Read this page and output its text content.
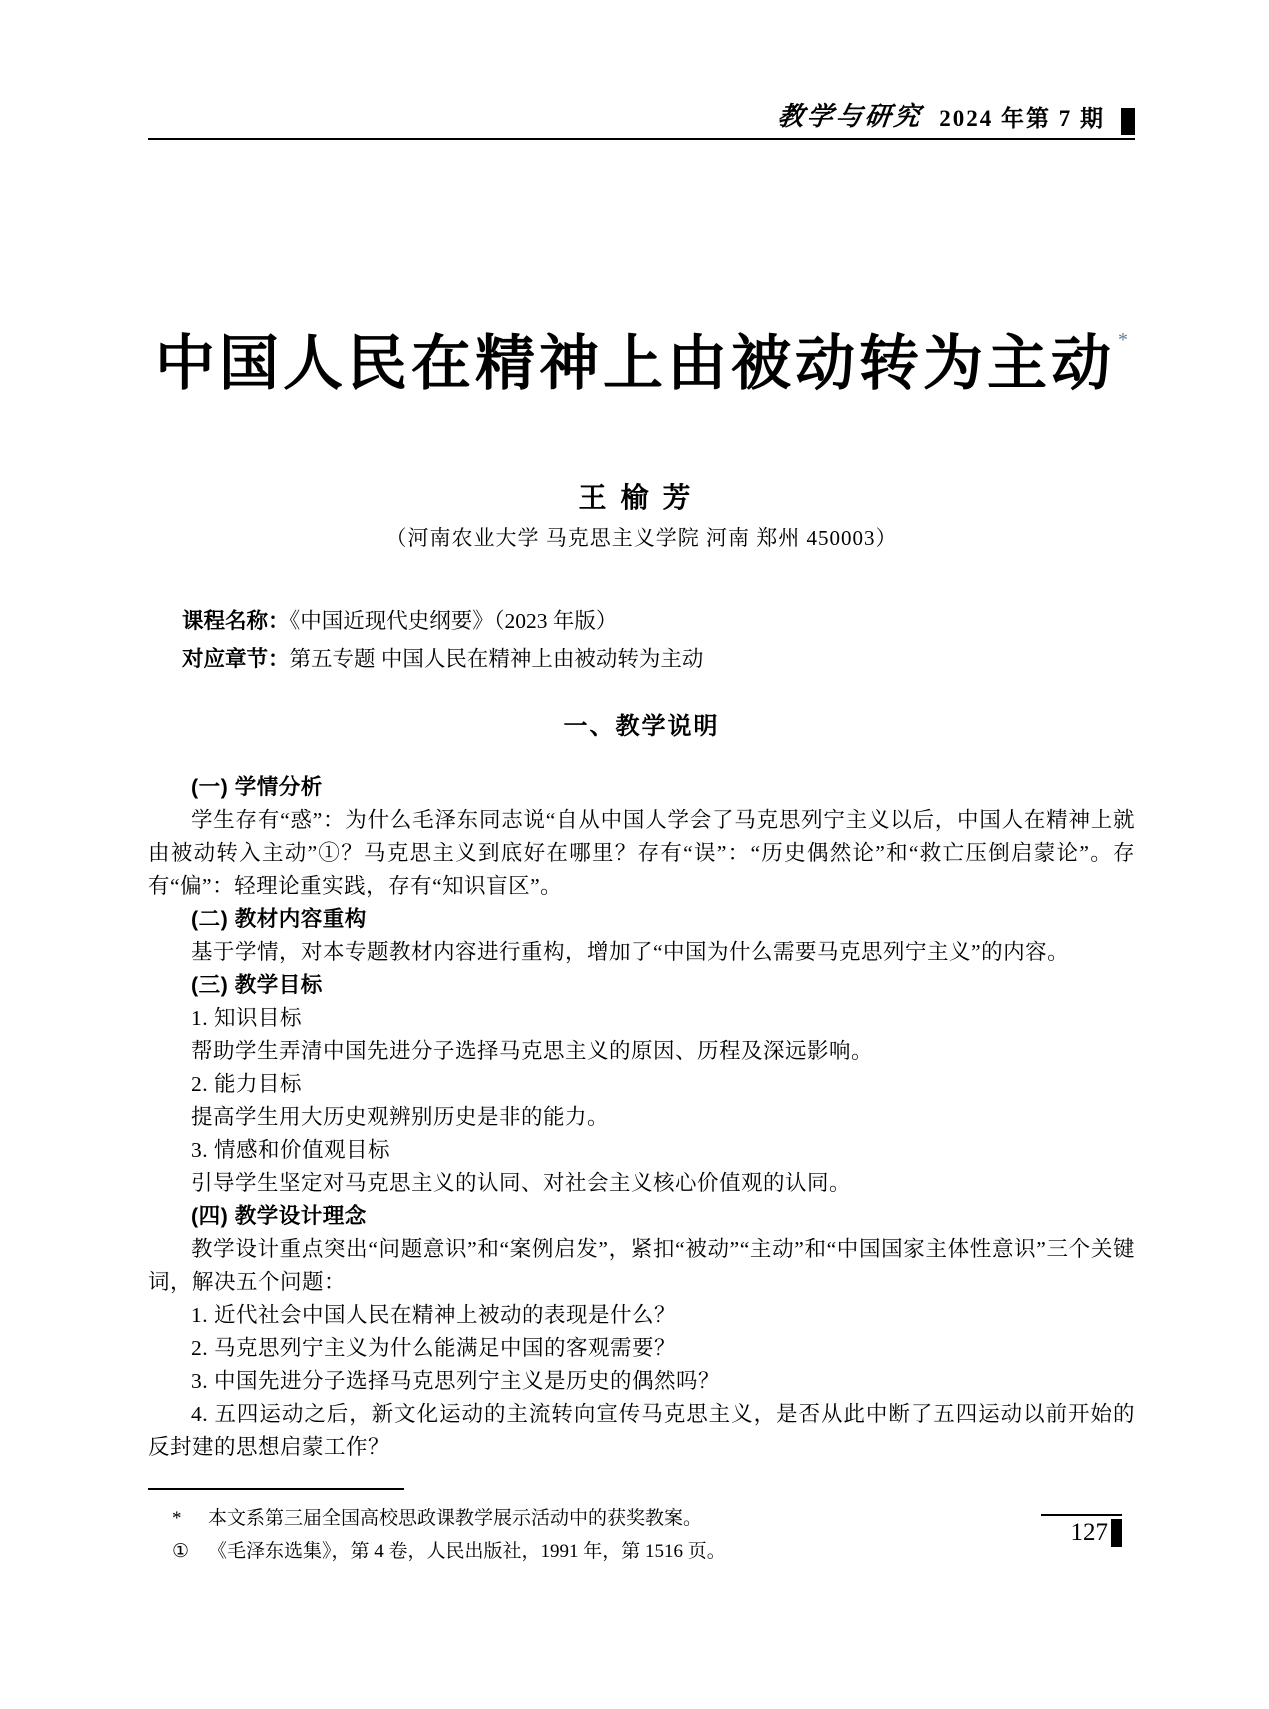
教学与研究 2024 年第 7 期
中国人民在精神上由被动转为主动 *
王榆芳
（河南农业大学 马克思主义学院 河南 郑州 450003）
课程名称：《中国近现代史纲要》（2023 年版）
对应章节：第五专题 中国人民在精神上由被动转为主动
一、教学说明

(一) 学情分析

学生存有“惑”：为什么毛泽东同志说“自从中国人学会了马克思列宁主义以后，中国人在精神上就由被动转入主动”①？马克思主义到底好在哪里？存有“误”：“历史偶然论”和“救亡压倒启蒙论”。存有“偏”：轻理论重实践，存有“知识盲区”。

(二) 教材内容重构

基于学情，对本专题教材内容进行重构，增加了“中国为什么需要马克思列宁主义”的内容。

(三) 教学目标

1. 知识目标

帮助学生弄清中国先进分子选择马克思主义的原因、历程及深远影响。

2. 能力目标

提高学生用大历史观辨别历史是非的能力。

3. 情感和价值观目标

引导学生坚定对马克思主义的认同、对社会主义核心价值观的认同。

(四) 教学设计理念

教学设计重点突出“问题意识”和“案例启发”，紧扣“被动”“主动”和“中国国家主体性意识”三个关键词，解决五个问题：

1. 近代社会中国人民在精神上被动的表现是什么？

2. 马克思列宁主义为什么能满足中国的客观需要？

3. 中国先进分子选择马克思列宁主义是历史的偶然吗？

4. 五四运动之后，新文化运动的主流转向宣传马克思主义，是否从此中断了五四运动以前开始的反封建的思想启蒙工作？

*	本文系第三届全国高校思政课教学展示活动中的获奖教案。
① 《毛泽东选集》，第 4 卷，人民出版社，1991 年，第 1516 页。
127
